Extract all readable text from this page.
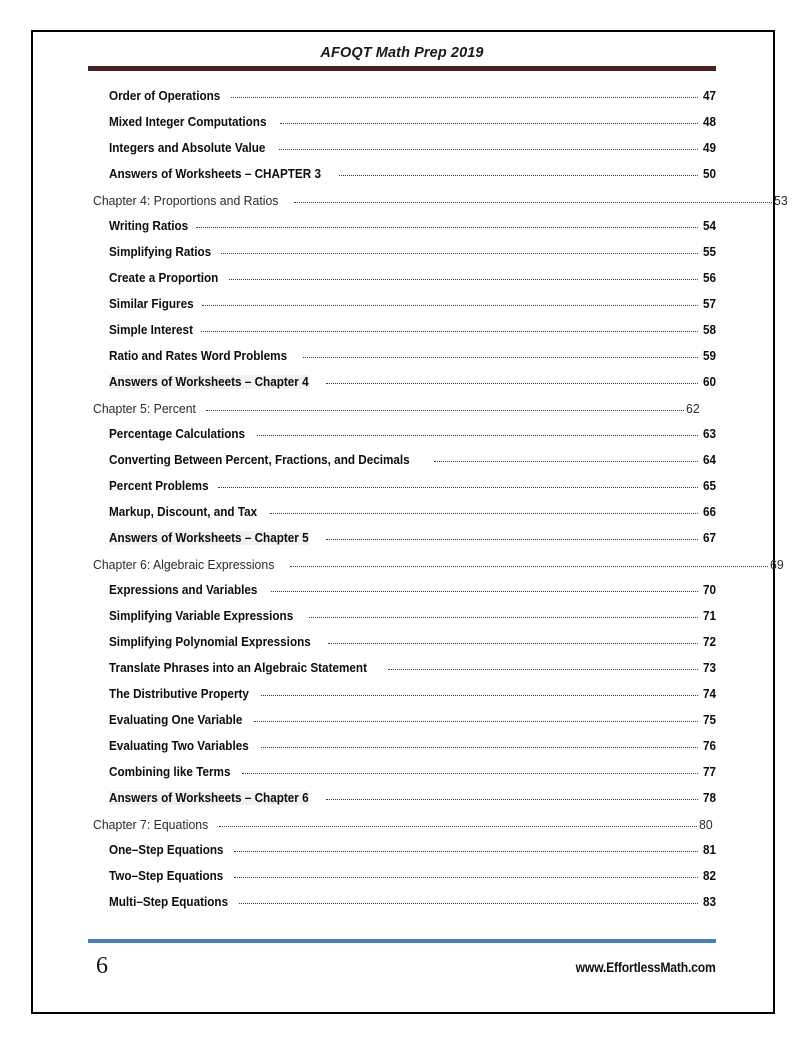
AFOQT Math Prep 2019
Order of Operations	47
Mixed Integer Computations	48
Integers and Absolute Value	49
Answers of Worksheets – CHAPTER 3	50
Chapter 4: Proportions and Ratios	53
Writing Ratios	54
Simplifying Ratios	55
Create a Proportion	56
Similar Figures	57
Simple Interest	58
Ratio and Rates Word Problems	59
Answers of Worksheets – Chapter 4	60
Chapter 5: Percent	62
Percentage Calculations	63
Converting Between Percent, Fractions, and Decimals	64
Percent Problems	65
Markup, Discount, and Tax	66
Answers of Worksheets – Chapter 5	67
Chapter 6: Algebraic Expressions	69
Expressions and Variables	70
Simplifying Variable Expressions	71
Simplifying Polynomial Expressions	72
Translate Phrases into an Algebraic Statement	73
The Distributive Property	74
Evaluating One Variable	75
Evaluating Two Variables	76
Combining like Terms	77
Answers of Worksheets – Chapter 6	78
Chapter 7: Equations	80
One–Step Equations	81
Two–Step Equations	82
Multi–Step Equations	83
6	www.EffortlessMath.com
